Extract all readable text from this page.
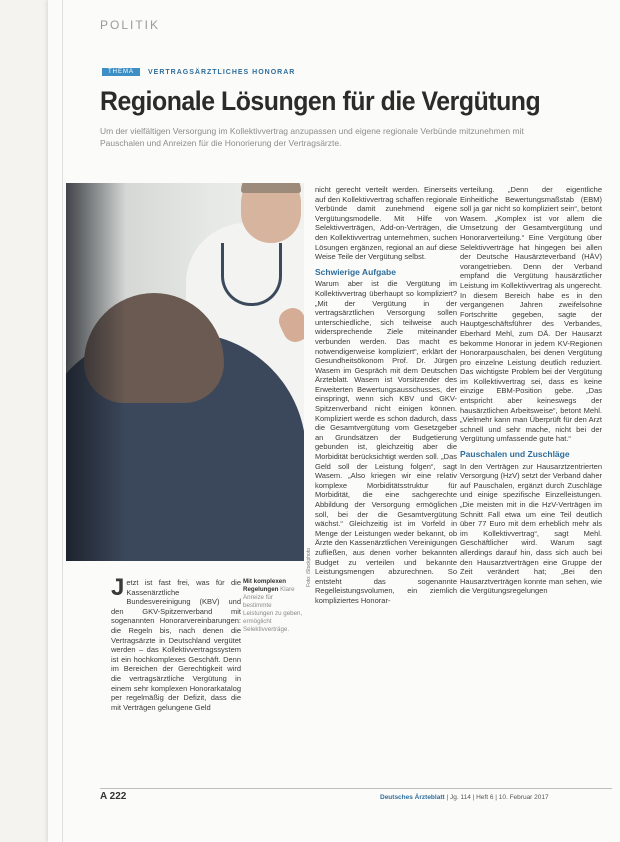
POLITIK
THEMA	VERTRAGSÄRZTLICHES HONORAR
Regionale Lösungen für die Vergütung

Um der vielfältigen Versorgung im Kollektivvertrag anzupassen und eigene regionale Verbünde mitzunehmen mit Pauschalen und Anreizen für die Honorierung der Vertragsärzte.

Foto: iStockphoto

Jetzt ist fast frei, was für die Kassenärztliche Bundesvereinigung (KBV) und den GKV-Spitzenverband mit sogenannten Honorarvereinbarungen: die Regeln bis, nach denen die Vertragsärzte in Deutschland vergütet werden – das Kollektivvertragssystem ist ein hochkomplexes Geschäft. Denn im Bereichen der Gerechtigkeit wird die vertragsärztliche Vergütung in einem sehr komplexen Honorarkatalog per regelmäßig der Defizit, dass die mit Verträgen gelungene Geld

Mit komplexen Regelungen Klare Anreize für bestimmte Leistungen zu geben, ermöglicht Selektivverträge.

nicht gerecht verteilt werden. Einerseits auf den Kollektivvertrag schaffen regionale Verbünde damit zunehmend eigene Vergütungsmodelle. Mit Hilfe von Selektivverträgen, Add-on-Verträgen, die den Kollektivvertrag unternehmen, suchen Lösungen ergänzen, regional an auf diese Weise Teile der Vergütung selbst.
Schwierige Aufgabe
Warum aber ist die Vergütung im Kollektivvertrag überhaupt so kompliziert? „Mit der Vergütung in der vertragsärztlichen Versorgung sollen unterschiedliche, sich teilweise auch widersprechende Ziele miteinander verbunden werden. Das macht es notwendigerweise kompliziert“, erklärt der Gesundheitsökonom Prof. Dr. Jürgen Wasem im Gespräch mit dem Deutschen Ärzteblatt. Wasem ist Vorsitzender des Erweiterten Bewertungsausschusses, der einspringt, wenn sich KBV und GKV-Spitzenverband nicht einigen können. Kompliziert werde es schon dadurch, dass die Gesamtvergütung vom Gesetzgeber an Grundsätzen der Budgetierung gebunden ist, gleichzeitig aber die Morbidität berücksichtigt werden soll. „Das Geld soll der Leistung folgen“, sagt Wasem. „Also kriegen wir eine relativ komplexe Morbiditätsstruktur für Morbidität, die eine sachgerechte Abbildung der Versorgung ermöglichen soll, bei der die Gesamtvergütung wächst.“ Gleichzeitig ist im Vorfeld in Menge der Leistungen weder bekannt, ob Ärzte den Kassenärztlichen Vereinigungen zufließen, aus denen vorher bekannten Budget zu verteilen und bekannte Leistungsmengen abzurechnen. So entsteht das sogenannte Regelleistungsvolumen, ein ziemlich kompliziertes Honorar-
verteilung. „Denn der eigentliche Einheitliche Bewertungsmaßstab (EBM) soll ja gar nicht so kompliziert sein“, betont Wasem. „Komplex ist vor allem die Umsetzung der Gesamtvergütung und Honorarverteilung.“ Eine Vergütung über Selektivverträge hat hingegen bei allen der Deutsche Hausärzteverband (HÄV) vorangetrieben. Denn der Verband empfand die Vergütung hausärztlicher Leistung im Kollektivvertrag als ungerecht. In diesem Bereich habe es in den vergangenen Jahren zweifelsohne Fortschritte gegeben, sagte der Hauptgeschäftsführer des Verbandes, Eberhard Mehl, zum DÄ. Der Hausarzt bekomme Honorar in jedem KV-Regionen Honorarpauschalen, bei denen Vergütung pro einzelne Leistung deutlich reduziert. Das wichtigste Problem bei der Vergütung im Kollektivvertrag sei, dass es keine einzige EBM-Position gebe. „Das entspricht aber keineswegs der hausärztlichen Arbeitsweise“, betont Mehl. „Vielmehr kann man Überprüft für den Arzt schnell und sehr mache, nicht bei der Vergütung umfassende gute hat.“
Pauschalen und Zuschläge
In den Verträgen zur Hausarztzentrierten Versorgung (HzV) setzt der Verband daher auf Pauschalen, ergänzt durch Zuschläge und einige spezifische Einzelleistungen. „Die meisten mit in die HzV-Verträgen im Schnitt Fall etwa um eine Teil deutlich über 77 Euro mit dem erheblich mehr als im Kollektivvertrag“, sagt Mehl. Geschäftlicher wird. Warum sagt allerdings darauf hin, dass sich auch bei den Hausarztverträgen eine Gruppe der Zeit verändert hat; „Bei den Hausarztverträgen konnte man sehen, wie die Vergütungsregelungen
A 222	Deutsches Ärzteblatt | Jg. 114 | Heft 6 | 10. Februar 2017
